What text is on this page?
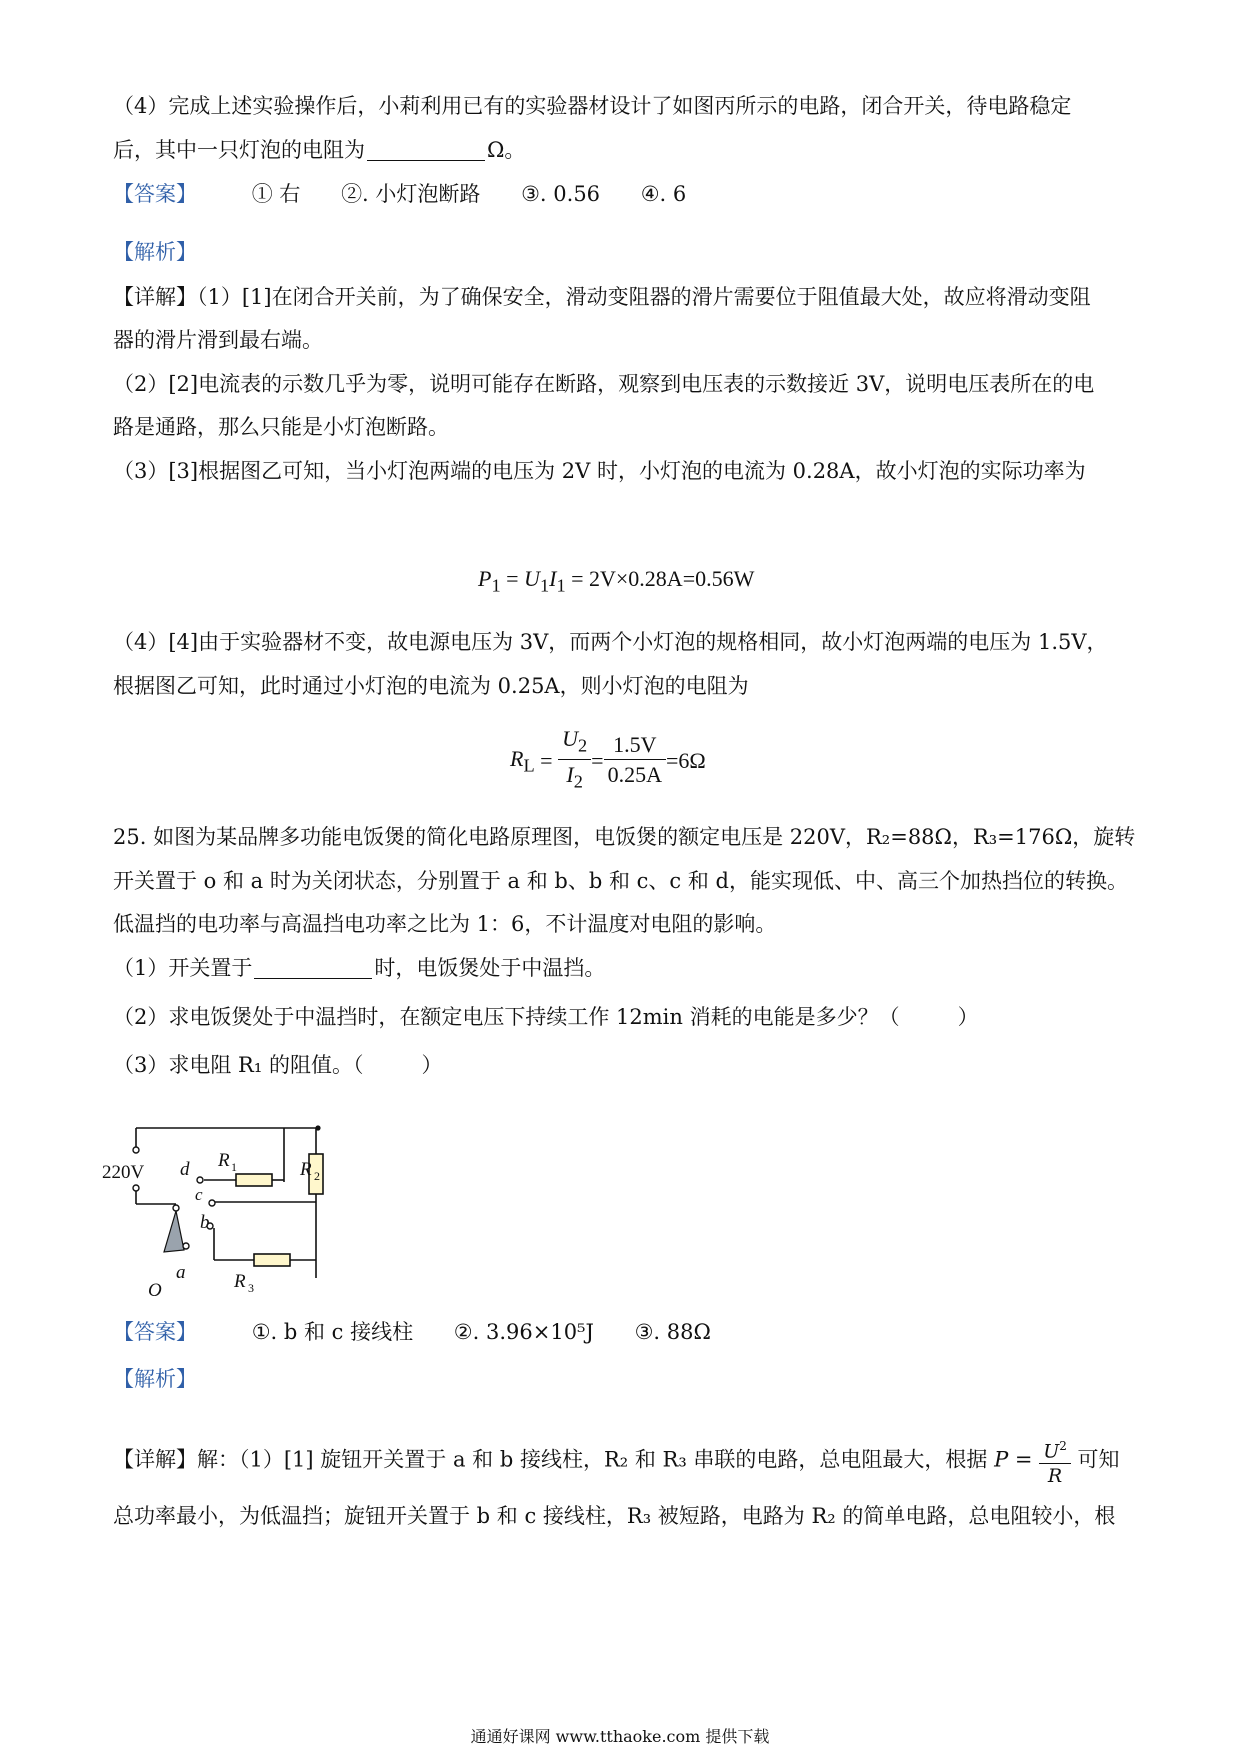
（4）完成上述实验操作后，小莉利用已有的实验器材设计了如图丙所示的电路，闭合开关，待电路稳定
后，其中一只灯泡的电阻为	Ω。
【答案】	① 右 ②. 小灯泡断路 ③. 0.56 ④. 6
【解析】
【详解】（1）[1]在闭合开关前，为了确保安全，滑动变阻器的滑片需要位于阻值最大处，故应将滑动变阻
器的滑片滑到最右端。
（2）[2]电流表的示数几乎为零，说明可能存在断路，观察到电压表的示数接近 3V，说明电压表所在的电
路是通路，那么只能是小灯泡断路。
（3）[3]根据图乙可知，当小灯泡两端的电压为 2V 时，小灯泡的电流为 0.28A，故小灯泡的实际功率为
$P_1 = U_1I_1 = 2V\times 0.28A=0.56W$
（4）[4]由于实验器材不变，故电源电压为 3V，而两个小灯泡的规格相同，故小灯泡两端的电压为 1.5V，
根据图乙可知，此时通过小灯泡的电流为 0.25A，则小灯泡的电阻为
$R_L = \frac{U_2}{I_2} = \frac{1.5V}{0.25A} =6\Omega$
25. 如图为某品牌多功能电饭煲的简化电路原理图，电饭煲的额定电压是 220V，R₂=88Ω，R₃=176Ω，旋转
开关置于 o 和 a 时为关闭状态，分别置于 a 和 b、b 和 c、c 和 d，能实现低、中、高三个加热挡位的转换。
低温挡的电功率与高温挡电功率之比为 1：6，不计温度对电阻的影响。
（1）开关置于	时，电饭煲处于中温挡。
（2）求电饭煲处于中温挡时，在额定电压下持续工作 12min 消耗的电能是多少？（	）
（3）求电阻 R₁ 的阻值。（	）
220V d
c
b
a
O
R 1	R 2
R 3
【答案】	①. b 和 c 接线柱 ②. 3.96×10⁵J ③. 88Ω
【解析】
【详解】解：（1）[1] 旋钮开关置于 a 和 b 接线柱，R₂ 和 R₃ 串联的电路，总电阻最大，根据 $P = \frac{U^2}{R}$ 可知
总功率最小，为低温挡；旋钮开关置于 b 和 c 接线柱，R₃ 被短路，电路为 R₂ 的简单电路，总电阻较小，根
通通好课网 www.tthaoke.com 提供下载
